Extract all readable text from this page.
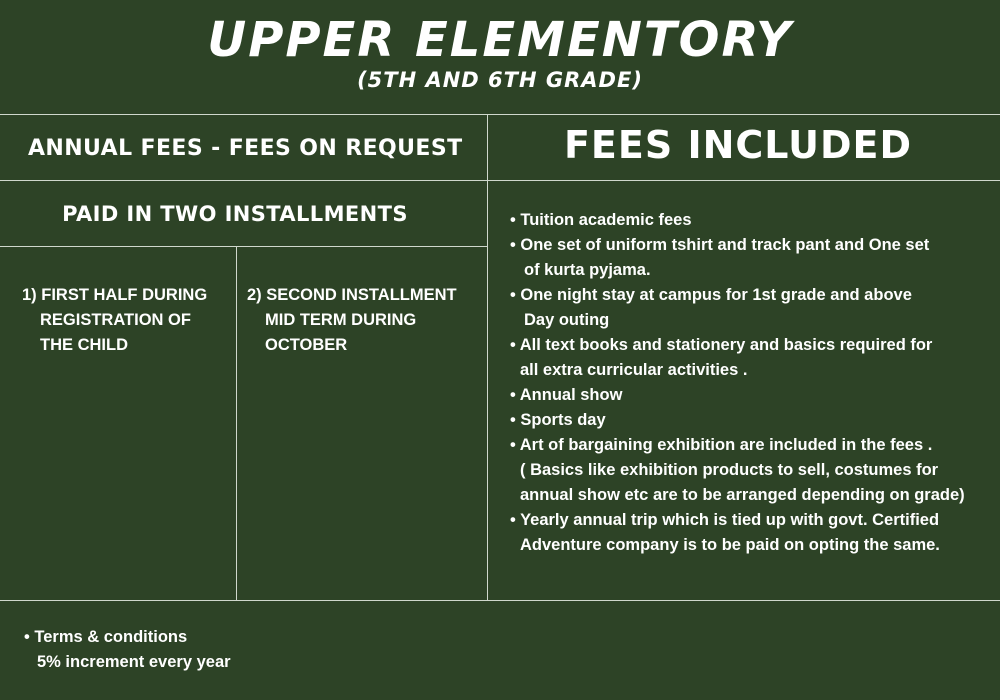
UPPER ELEMENTORY
(5TH AND 6TH GRADE)
ANNUAL FEES - FEES ON REQUEST	FEES INCLUDED
PAID IN TWO INSTALLMENTS
1) FIRST HALF DURING
REGISTRATION OF
THE CHILD
2) SECOND INSTALLMENT
MID TERM DURING
OCTOBER
• Tuition academic fees
• One set of uniform tshirt and track pant and One set
of kurta pyjama.
• One night stay at campus for 1st grade and above
Day outing
• All text books and stationery and basics required for
all extra curricular activities .
• Annual show
• Sports day
• Art of bargaining exhibition are included in the fees .
( Basics like exhibition products to sell, costumes for
annual show etc are to be arranged depending on grade)
• Yearly annual trip which is tied up with govt. Certified
Adventure company is to be paid on opting the same.
• Terms & conditions
5% increment every year
